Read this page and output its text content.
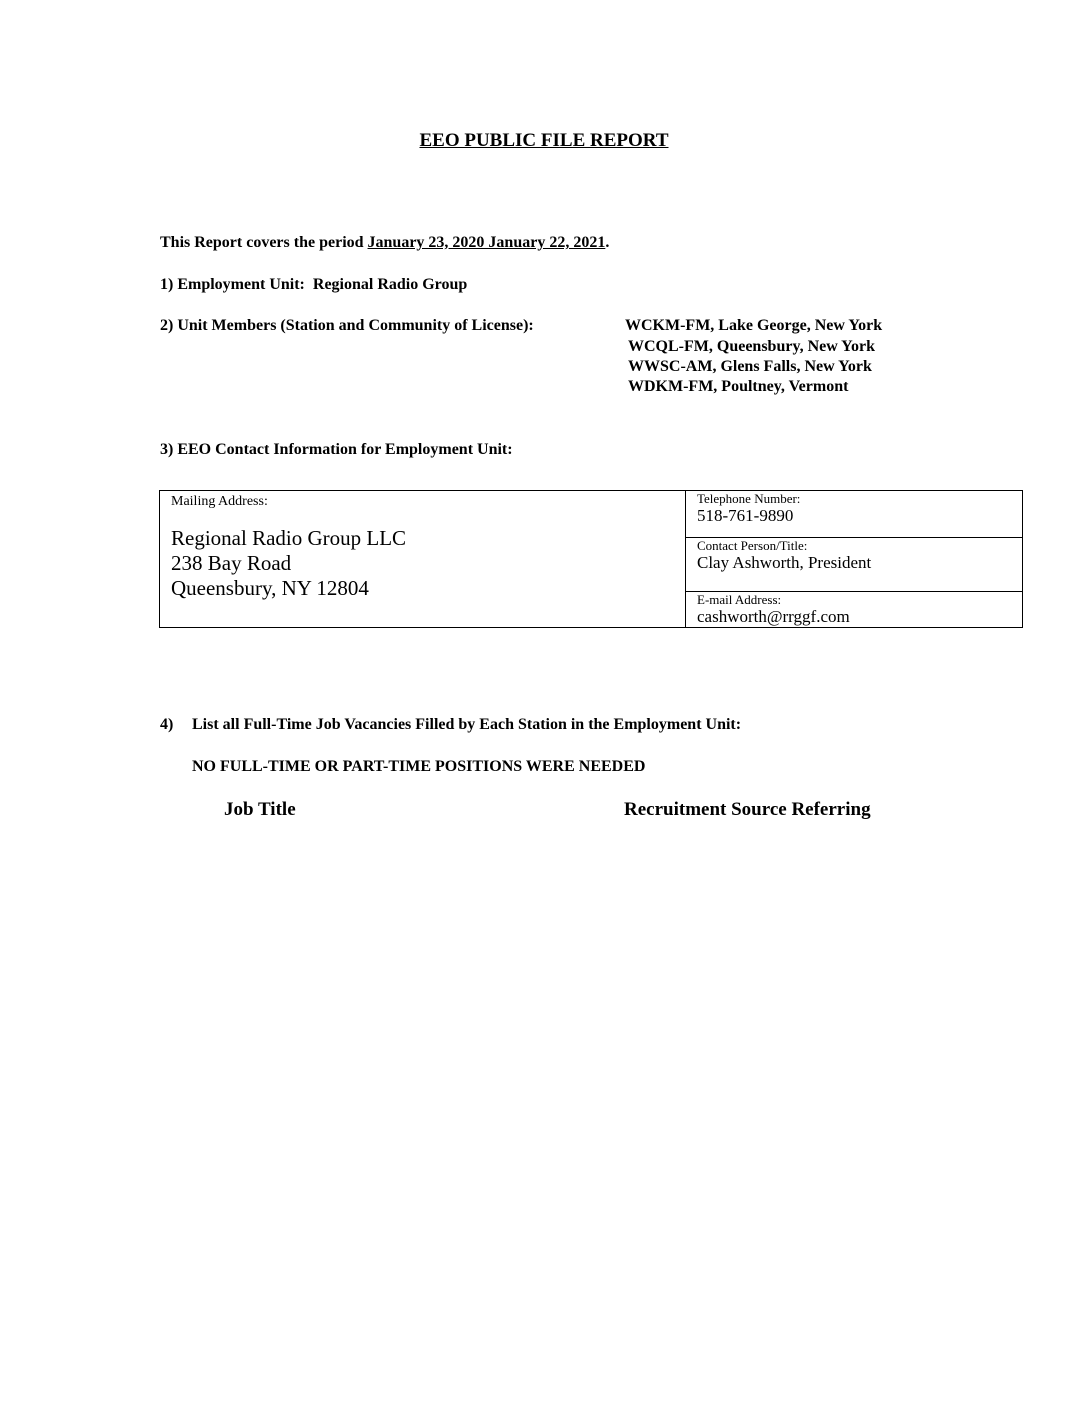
EEO PUBLIC FILE REPORT
This Report covers the period January 23, 2020 January 22, 2021.
1) Employment Unit: Regional Radio Group
2) Unit Members (Station and Community of License):	WCKM-FM, Lake George, New York
WCQL-FM, Queensbury, New York
WWSC-AM, Glens Falls, New York
WDKM-FM, Poultney, Vermont
3) EEO Contact Information for Employment Unit:
Mailing Address:
Regional Radio Group LLC
238 Bay Road
Queensbury, NY 12804
Telephone Number:
518-761-9890
Contact Person/Title:
Clay Ashworth, President
E-mail Address:
cashworth@rrggf.com
4) List all Full-Time Job Vacancies Filled by Each Station in the Employment Unit:
NO FULL-TIME OR PART-TIME POSITIONS WERE NEEDED
Job Title	Recruitment Source Referring
